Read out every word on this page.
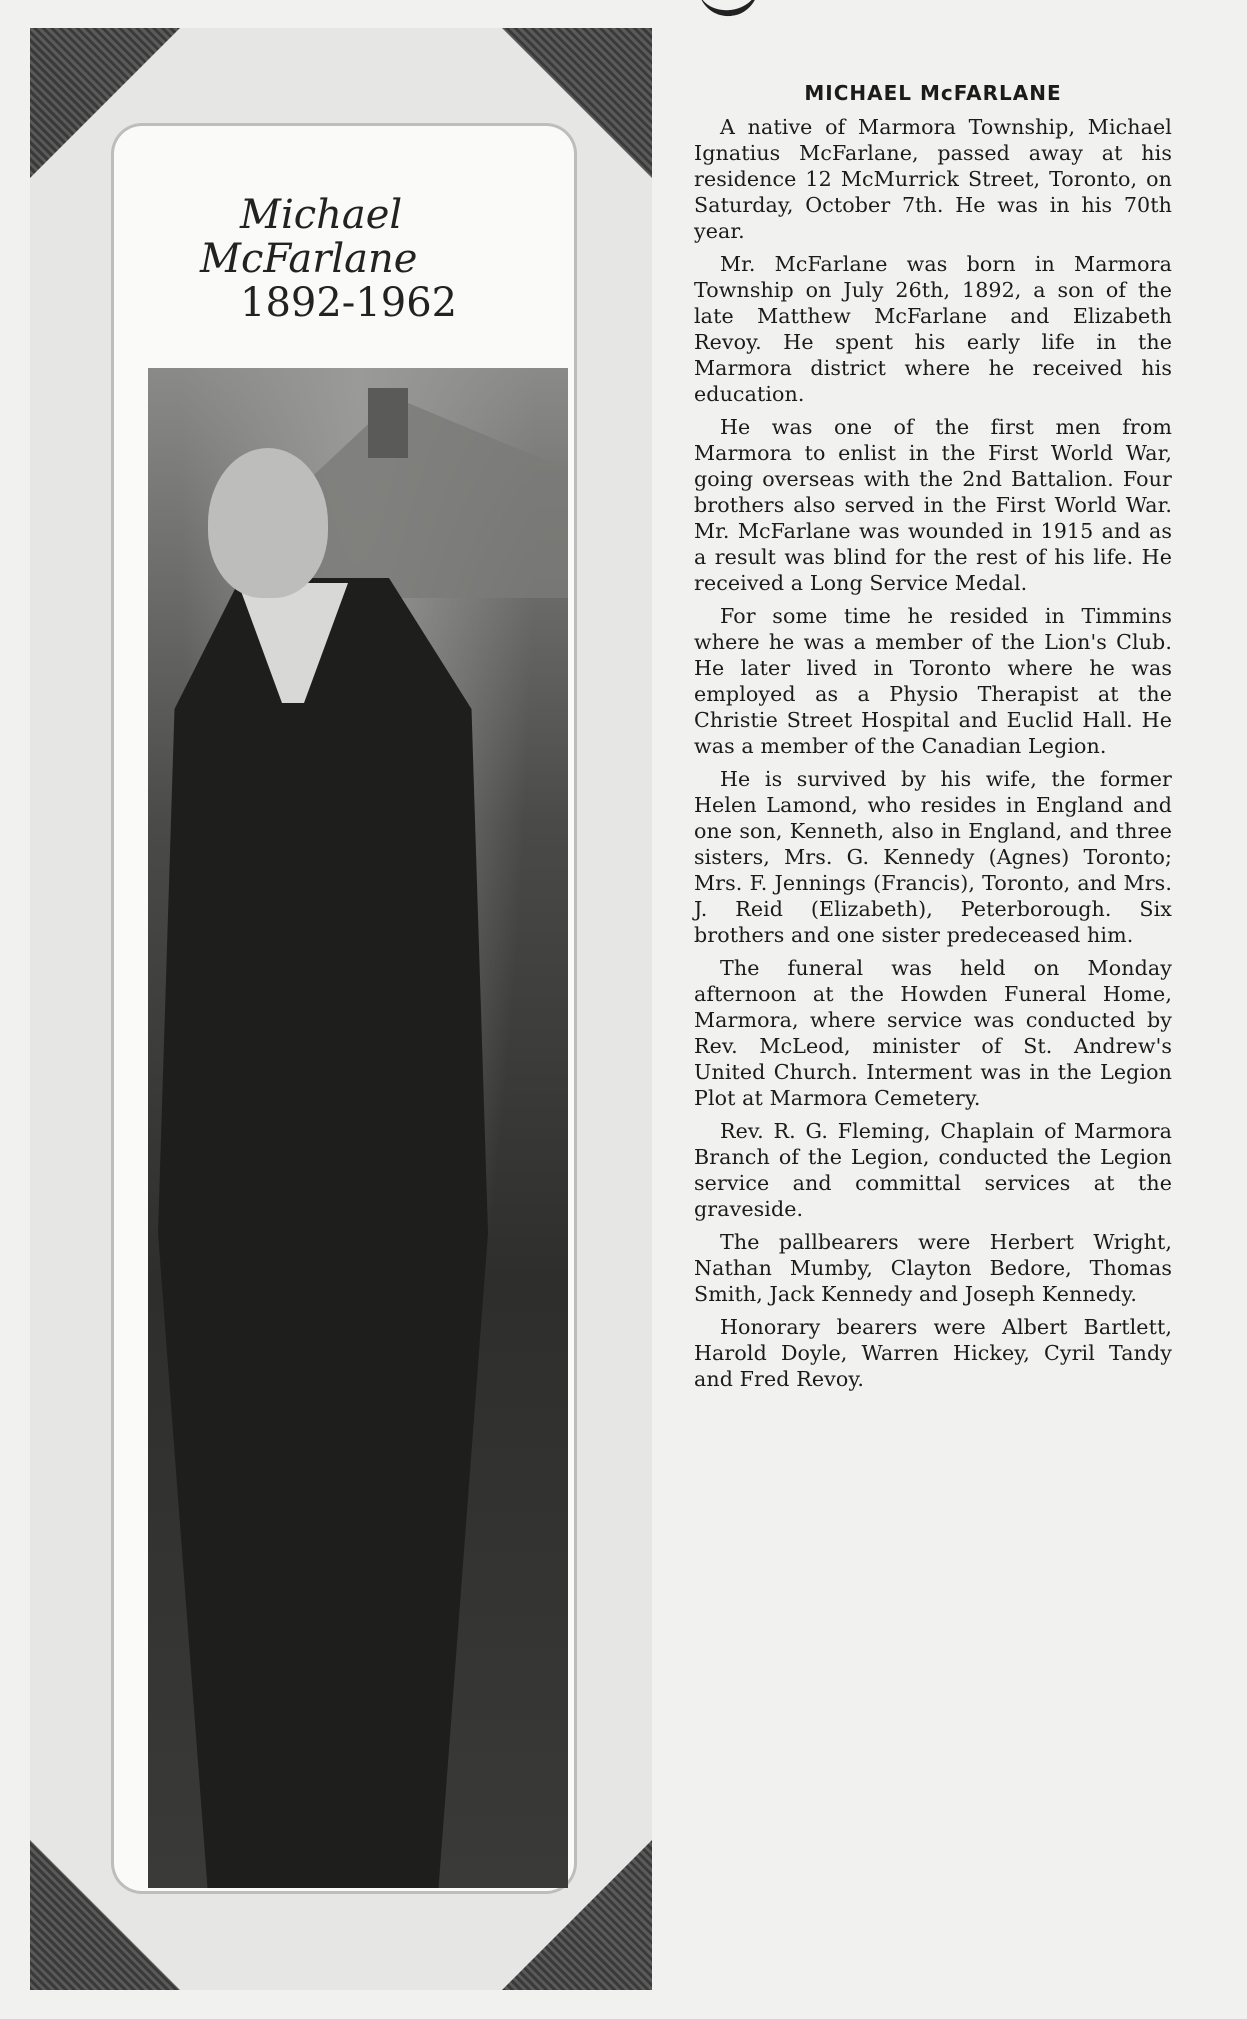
Michael
McFarlane
1892-1962
MICHAEL McFARLANE

A native of Marmora Township, Michael Ignatius McFarlane, passed away at his residence 12 McMurrick Street, Toronto, on Saturday, October 7th. He was in his 70th year.

Mr. McFarlane was born in Marmora Township on July 26th, 1892, a son of the late Matthew McFarlane and Elizabeth Revoy. He spent his early life in the Marmora district where he received his education.

He was one of the first men from Marmora to enlist in the First World War, going overseas with the 2nd Battalion. Four brothers also served in the First World War. Mr. McFarlane was wounded in 1915 and as a result was blind for the rest of his life. He received a Long Service Medal.

For some time he resided in Timmins where he was a member of the Lion's Club. He later lived in Toronto where he was employed as a Physio Therapist at the Christie Street Hospital and Euclid Hall. He was a member of the Canadian Legion.

He is survived by his wife, the former Helen Lamond, who resides in England and one son, Kenneth, also in England, and three sisters, Mrs. G. Kennedy (Agnes) Toronto; Mrs. F. Jennings (Francis), Toronto, and Mrs. J. Reid (Elizabeth), Peterborough. Six brothers and one sister predeceased him.

The funeral was held on Monday afternoon at the Howden Funeral Home, Marmora, where service was conducted by Rev. McLeod, minister of St. Andrew's United Church. Interment was in the Legion Plot at Marmora Cemetery.

Rev. R. G. Fleming, Chaplain of Marmora Branch of the Legion, conducted the Legion service and committal services at the graveside.

The pallbearers were Herbert Wright, Nathan Mumby, Clayton Bedore, Thomas Smith, Jack Kennedy and Joseph Kennedy.

Honorary bearers were Albert Bartlett, Harold Doyle, Warren Hickey, Cyril Tandy and Fred Revoy.
